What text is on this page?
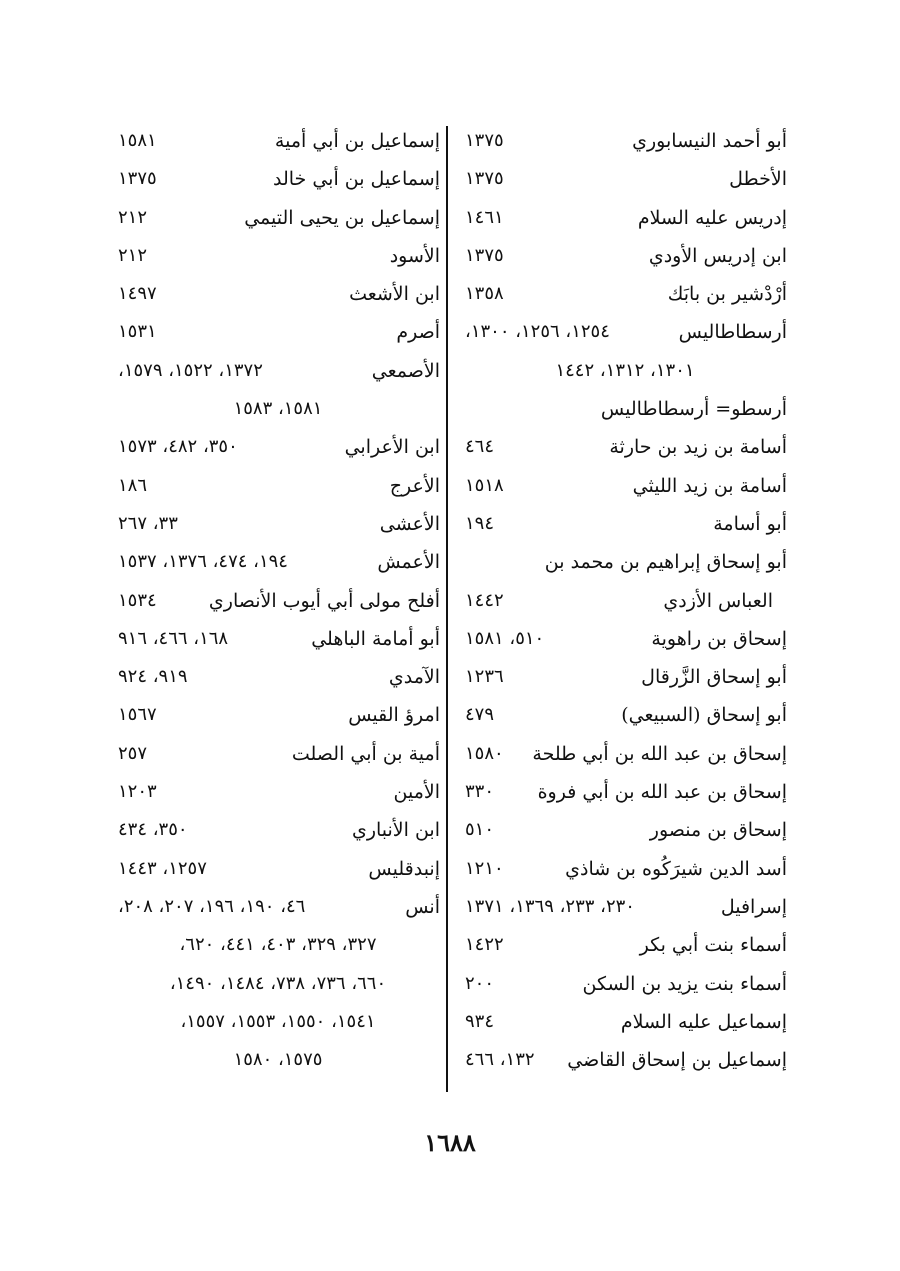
أبو أحمد النيسابوري
١٣٧٥
الأخطل
١٣٧٥
إدريس عليه السلام
١٤٦١
ابن إدريس الأودي
١٣٧٥
أرْدْشير بن بابَك
١٣٥٨
أرسطاطاليس
١٢٥٤، ١٢٥٦، ١٣٠٠،
١٣٠١، ١٣١٢، ١٤٤٢
أرسطو= أرسطاطاليس
أسامة بن زيد بن حارثة
٤٦٤
أسامة بن زيد الليثي
١٥١٨
أبو أسامة
١٩٤
أبو إسحاق إبراهيم بن محمد بن
العباس الأزدي
١٤٤٢
إسحاق بن راهوية
٥١٠، ١٥٨١
أبو إسحاق الزَّرقال
١٢٣٦
أبو إسحاق (السبيعي)
٤٧٩
إسحاق بن عبد الله بن أبي طلحة
١٥٨٠
إسحاق بن عبد الله بن أبي فروة
٣٣٠
إسحاق بن منصور
٥١٠
أسد الدين شيرَكُوه بن شاذي
١٢١٠
إسرافيل
٢٣٠، ٢٣٣، ١٣٦٩، ١٣٧١
أسماء بنت أبي بكر
١٤٢٢
أسماء بنت يزيد بن السكن
٢٠٠
إسماعيل عليه السلام
٩٣٤
إسماعيل بن إسحاق القاضي
١٣٢، ٤٦٦
إسماعيل بن أبي أمية
١٥٨١
إسماعيل بن أبي خالد
١٣٧٥
إسماعيل بن يحيى التيمي
٢١٢
الأسود
٢١٢
ابن الأشعث
١٤٩٧
أصرم
١٥٣١
الأصمعي
١٣٧٢، ١٥٢٢، ١٥٧٩،
١٥٨١، ١٥٨٣
ابن الأعرابي
٣٥٠، ٤٨٢، ١٥٧٣
الأعرج
١٨٦
الأعشى
٣٣، ٢٦٧
الأعمش
١٩٤، ٤٧٤، ١٣٧٦، ١٥٣٧
أفلح مولى أبي أيوب الأنصاري
١٥٣٤
أبو أمامة الباهلي
١٦٨، ٤٦٦، ٩١٦
الآمدي
٩١٩، ٩٢٤
امرؤ القيس
١٥٦٧
أمية بن أبي الصلت
٢٥٧
الأمين
١٢٠٣
ابن الأنباري
٣٥٠، ٤٣٤
إنبدقليس
١٢٥٧، ١٤٤٣
أنس
٤٦، ١٩٠، ١٩٦، ٢٠٧، ٢٠٨،
٣٢٧، ٣٢٩، ٤٠٣، ٤٤١، ٦٢٠،
٦٦٠، ٧٣٦، ٧٣٨، ١٤٨٤، ١٤٩٠،
١٥٤١، ١٥٥٠، ١٥٥٣، ١٥٥٧،
١٥٧٥، ١٥٨٠
١٦٨٨
